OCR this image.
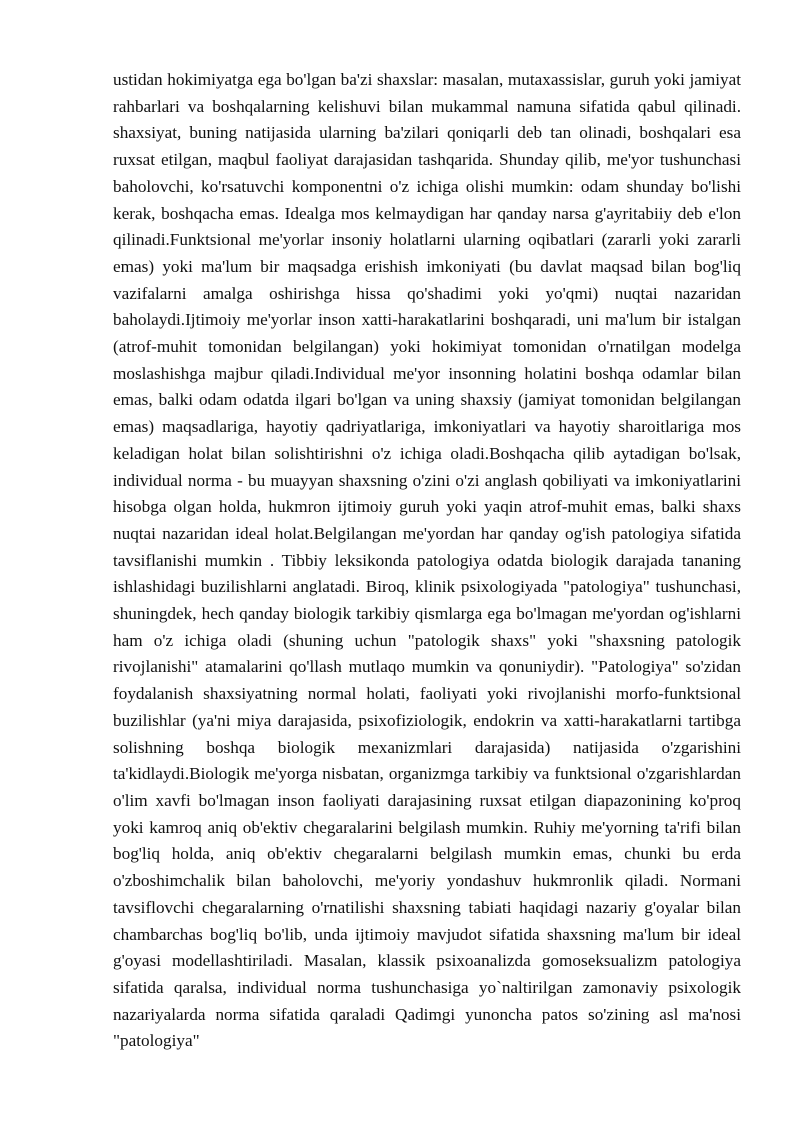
ustidan hokimiyatga ega bo'lgan ba'zi shaxslar: masalan, mutaxassislar, guruh yoki jamiyat rahbarlari va boshqalarning kelishuvi bilan mukammal namuna sifatida qabul qilinadi. shaxsiyat, buning natijasida ularning ba'zilari qoniqarli deb tan olinadi, boshqalari esa ruxsat etilgan, maqbul faoliyat darajasidan tashqarida. Shunday qilib, me'yor tushunchasi baholovchi, ko'rsatuvchi komponentni o'z ichiga olishi mumkin: odam shunday bo'lishi kerak, boshqacha emas. Idealga mos kelmaydigan har qanday narsa g'ayritabiiy deb e'lon qilinadi.Funktsional me'yorlar insoniy holatlarni ularning oqibatlari (zararli yoki zararli emas) yoki ma'lum bir maqsadga erishish imkoniyati (bu davlat maqsad bilan bog'liq vazifalarni amalga oshirishga hissa qo'shadimi yoki yo'qmi) nuqtai nazaridan baholaydi.Ijtimoiy me'yorlar inson xatti-harakatlarini boshqaradi, uni ma'lum bir istalgan (atrof-muhit tomonidan belgilangan) yoki hokimiyat tomonidan o'rnatilgan modelga moslashishga majbur qiladi.Individual me'yor insonning holatini boshqa odamlar bilan emas, balki odam odatda ilgari bo'lgan va uning shaxsiy (jamiyat tomonidan belgilangan emas) maqsadlariga, hayotiy qadriyatlariga, imkoniyatlari va hayotiy sharoitlariga mos keladigan holat bilan solishtirishni o'z ichiga oladi.Boshqacha qilib aytadigan bo'lsak, individual norma - bu muayyan shaxsning o'zini o'zi anglash qobiliyati va imkoniyatlarini hisobga olgan holda, hukmron ijtimoiy guruh yoki yaqin atrof-muhit emas, balki shaxs nuqtai nazaridan ideal holat.Belgilangan me'yordan har qanday og'ish patologiya sifatida tavsiflanishi mumkin . Tibbiy leksikonda patologiya odatda biologik darajada tananing ishlashidagi buzilishlarni anglatadi. Biroq, klinik psixologiyada "patologiya" tushunchasi, shuningdek, hech qanday biologik tarkibiy qismlarga ega bo'lmagan me'yordan og'ishlarni ham o'z ichiga oladi (shuning uchun "patologik shaxs" yoki "shaxsning patologik rivojlanishi" atamalarini qo'llash mutlaqo mumkin va qonuniydir). "Patologiya" so'zidan foydalanish shaxsiyatning normal holati, faoliyati yoki rivojlanishi morfo-funktsional buzilishlar (ya'ni miya darajasida, psixofiziologik, endokrin va xatti-harakatlarni tartibga solishning boshqa biologik mexanizmlari darajasida) natijasida o'zgarishini ta'kidlaydi.Biologik me'yorga nisbatan, organizmga tarkibiy va funktsional o'zgarishlardan o'lim xavfi bo'lmagan inson faoliyati darajasining ruxsat etilgan diapazonining ko'proq yoki kamroq aniq ob'ektiv chegaralarini belgilash mumkin. Ruhiy me'yorning ta'rifi bilan bog'liq holda, aniq ob'ektiv chegaralarni belgilash mumkin emas, chunki bu erda o'zboshimchalik bilan baholovchi, me'yoriy yondashuv hukmronlik qiladi. Normani tavsiflovchi chegaralarning o'rnatilishi shaxsning tabiati haqidagi nazariy g'oyalar bilan chambarchas bog'liq bo'lib, unda ijtimoiy mavjudot sifatida shaxsning ma'lum bir ideal g'oyasi modellashtiriladi. Masalan, klassik psixoanalizda gomoseksualizm patologiya sifatida qaralsa, individual norma tushunchasiga yo`naltirilgan zamonaviy psixologik nazariyalarda norma sifatida qaraladi Qadimgi yunoncha patos so'zining asl ma'nosi "patologiya"
